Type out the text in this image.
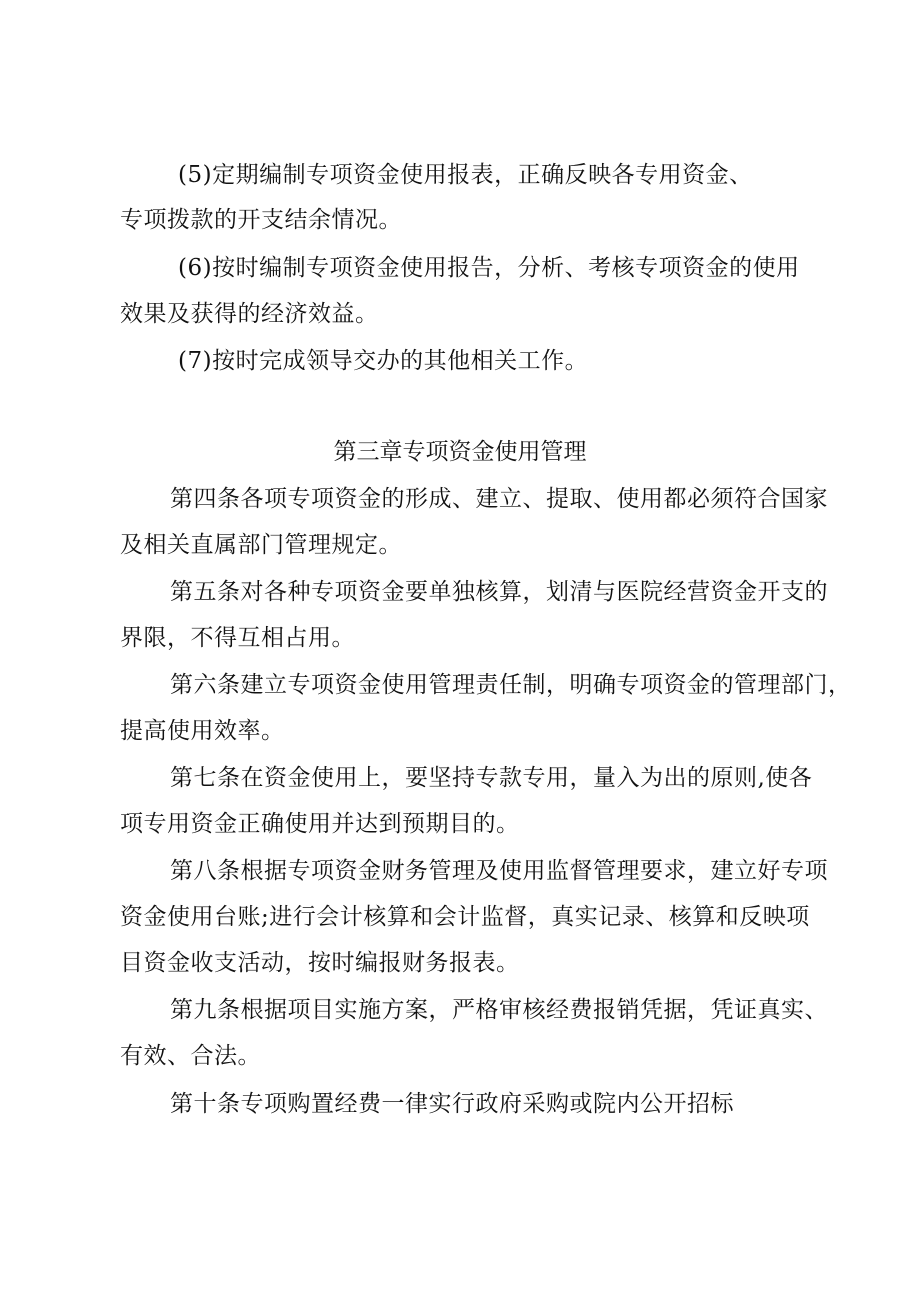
(5)定期编制专项资金使用报表，正确反映各专用资金、
专项拨款的开支结余情况。
(6)按时编制专项资金使用报告，分析、考核专项资金的使用
效果及获得的经济效益。
(7)按时完成领导交办的其他相关工作。
第三章专项资金使用管理
第四条各项专项资金的形成、建立、提取、使用都必须符合国家
及相关直属部门管理规定。
第五条对各种专项资金要单独核算，划清与医院经营资金开支的
界限，不得互相占用。
第六条建立专项资金使用管理责任制，明确专项资金的管理部门，
提高使用效率。
第七条在资金使用上，要坚持专款专用，量入为出的原则,使各
项专用资金正确使用并达到预期目的。
第八条根据专项资金财务管理及使用监督管理要求，建立好专项
资金使用台账;进行会计核算和会计监督，真实记录、核算和反映项
目资金收支活动，按时编报财务报表。
第九条根据项目实施方案，严格审核经费报销凭据，凭证真实、
有效、合法。
第十条专项购置经费一律实行政府采购或院内公开招标
